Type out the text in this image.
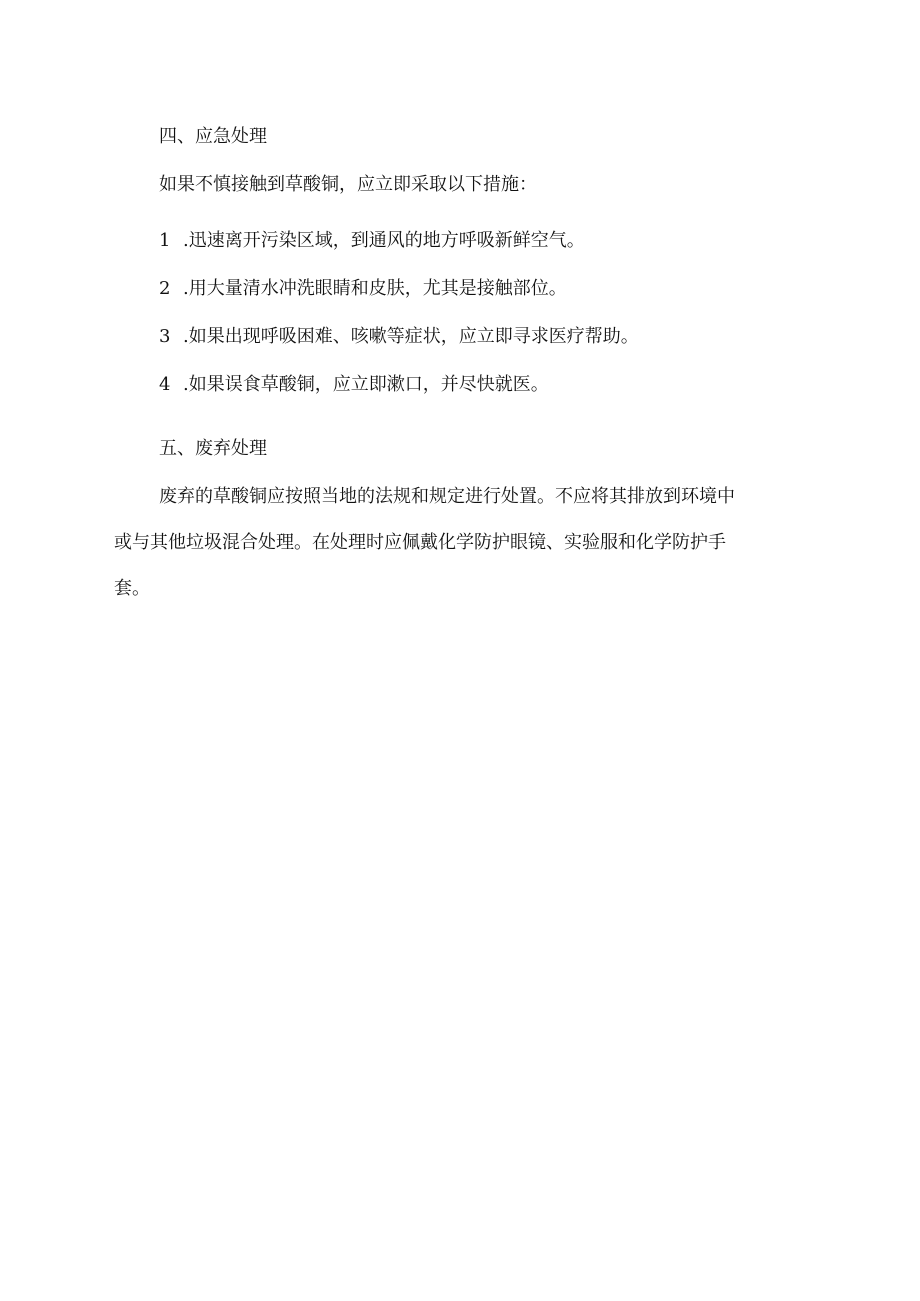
四、应急处理
如果不慎接触到草酸铜，应立即采取以下措施：
1 .迅速离开污染区域，到通风的地方呼吸新鲜空气。
2 .用大量清水冲洗眼睛和皮肤，尤其是接触部位。
3 .如果出现呼吸困难、咳嗽等症状，应立即寻求医疗帮助。
4 .如果误食草酸铜，应立即漱口，并尽快就医。
五、废弃处理
废弃的草酸铜应按照当地的法规和规定进行处置。不应将其排放到环境中
或与其他垃圾混合处理。在处理时应佩戴化学防护眼镜、实验服和化学防护手
套。
